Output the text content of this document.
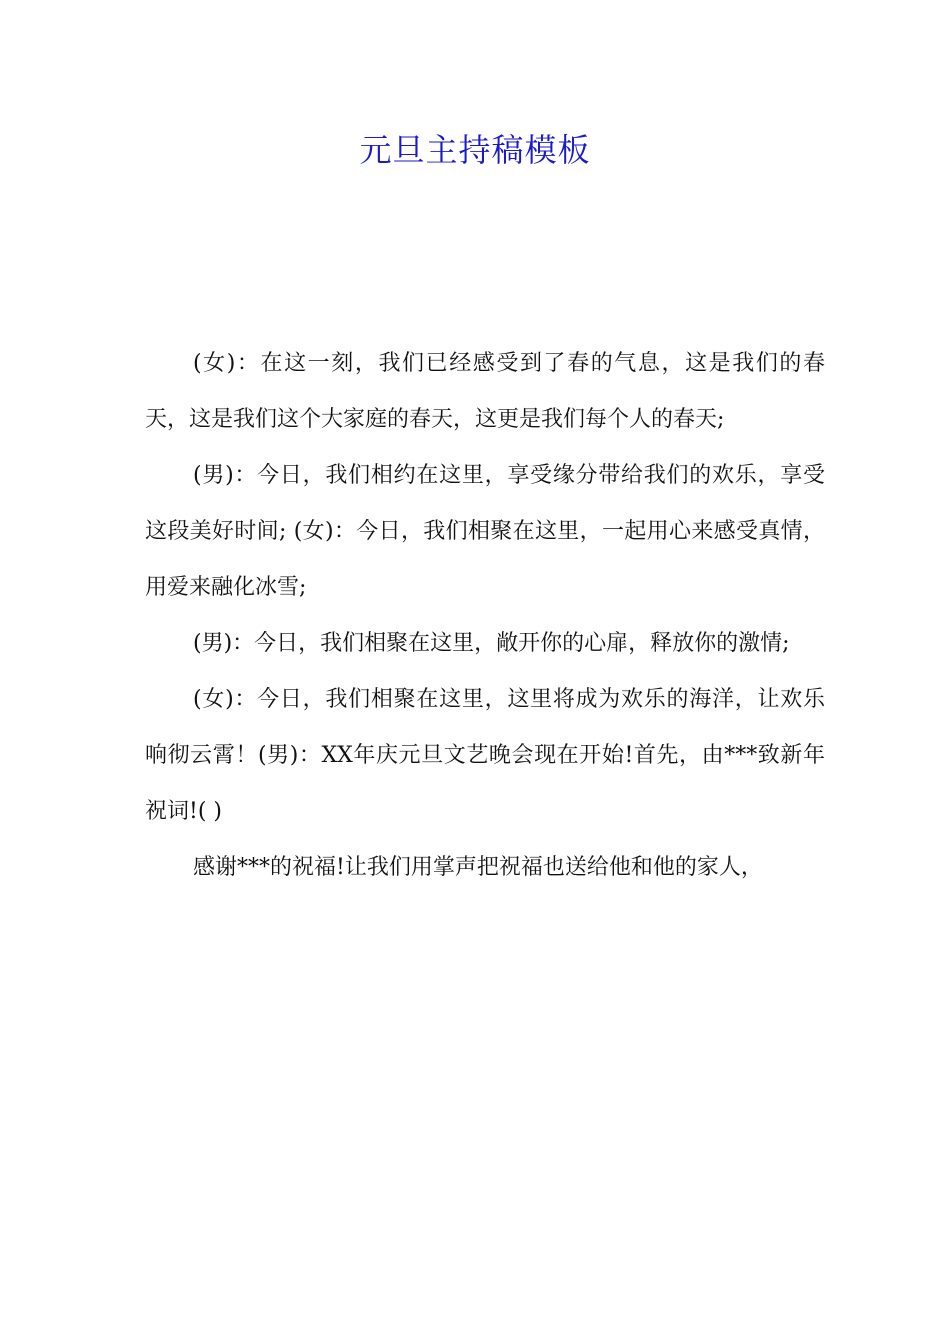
元旦主持稿模板

(女)：在这一刻，我们已经感受到了春的气息，这是我们的春天，这是我们这个大家庭的春天，这更是我们每个人的春天;

(男)：今日，我们相约在这里，享受缘分带给我们的欢乐，享受这段美好时间; (女)：今日，我们相聚在这里，一起用心来感受真情，用爱来融化冰雪;

(男)：今日，我们相聚在这里，敞开你的心扉，释放你的激情;

(女)：今日，我们相聚在这里，这里将成为欢乐的海洋，让欢乐响彻云霄！(男)：XX年庆元旦文艺晚会现在开始!首先，由***致新年祝词!( )

感谢***的祝福!让我们用掌声把祝福也送给他和他的家人，
